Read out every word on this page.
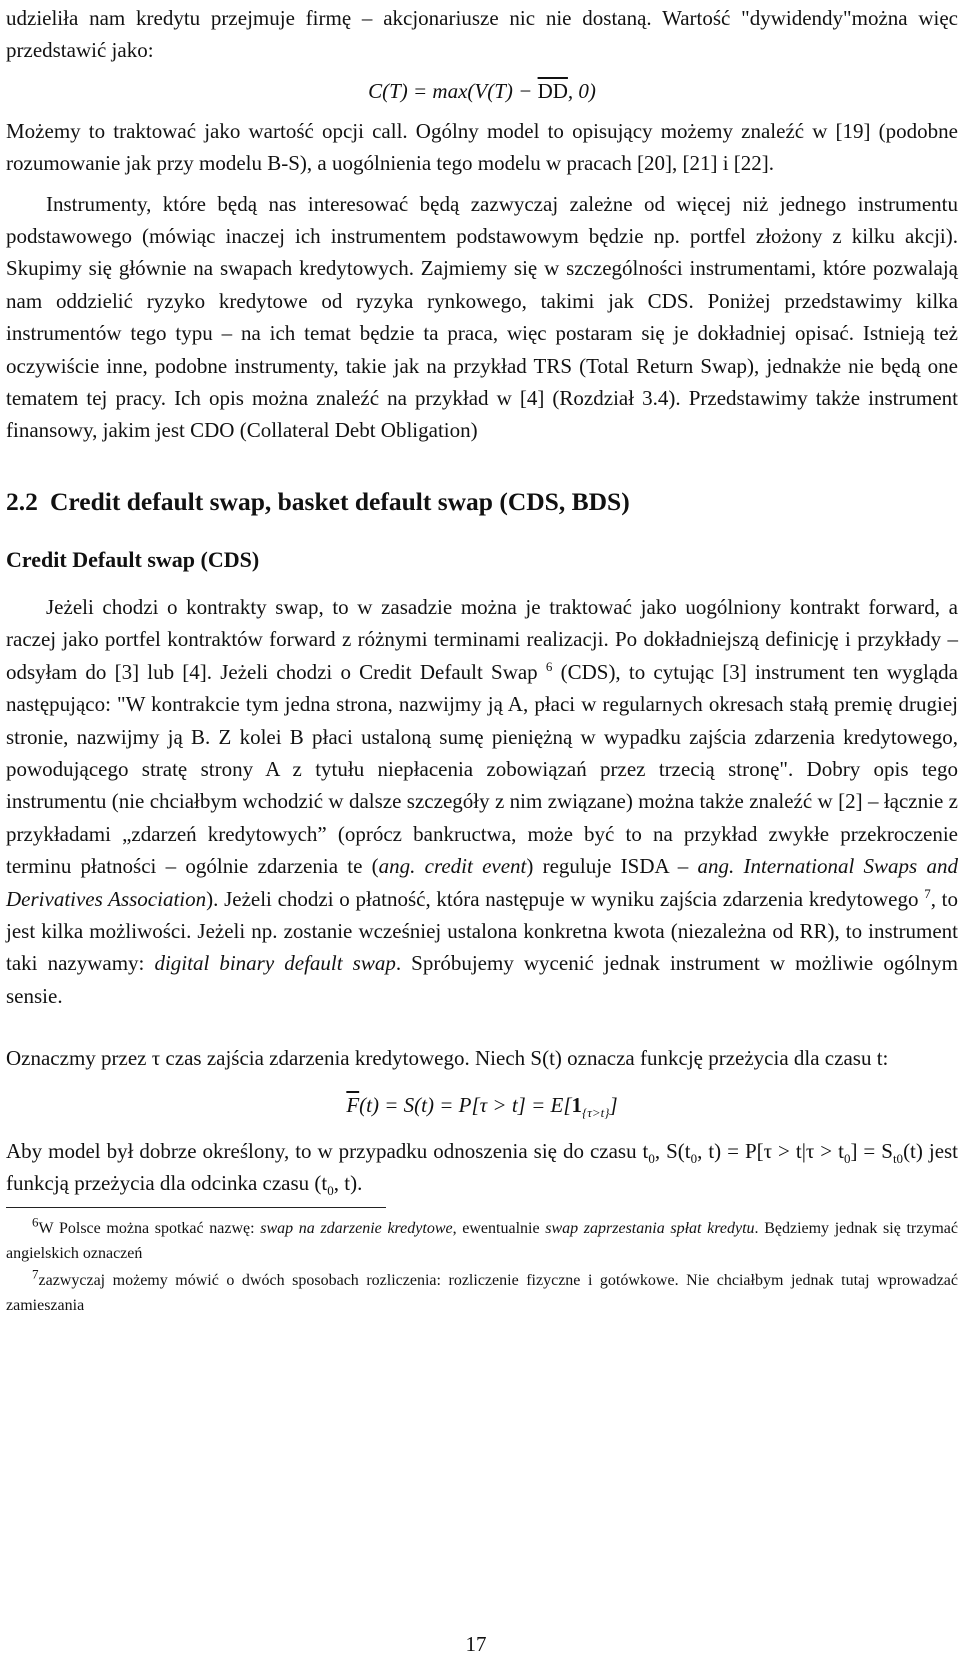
udzieliła nam kredytu przejmuje firmę – akcjonariusze nic nie dostaną. Wartość "dywidendy"można więc przedstawić jako:

$C(T) = \max(V(T) - \overline{DD}$, 0)

Możemy to traktować jako wartość opcji call. Ogólny model to opisujący możemy znaleźć w [19] (podobne rozumowanie jak przy modelu B-S), a uogólnienia tego modelu w pracach [20], [21] i [22].

Instrumenty, które będą nas interesować będą zazwyczaj zależne od więcej niż jednego instrumentu podstawowego (mówiąc inaczej ich instrumentem podstawowym będzie np. portfel złożony z kilku akcji). Skupimy się głównie na swapach kredytowych. Zajmiemy się w szczególności instrumentami, które pozwalają nam oddzielić ryzyko kredytowe od ryzyka rynkowego, takimi jak CDS. Poniżej przedstawimy kilka instrumentów tego typu – na ich temat będzie ta praca, więc postaram się je dokładniej opisać. Istnieją też oczywiście inne, podobne instrumenty, takie jak na przykład TRS (Total Return Swap), jednakże nie będą one tematem tej pracy. Ich opis można znaleźć na przykład w [4] (Rozdział 3.4). Przedstawimy także instrument finansowy, jakim jest CDO (Collateral Debt Obligation)

2.2 Credit default swap, basket default swap (CDS, BDS)
Credit Default swap (CDS)

Jeżeli chodzi o kontrakty swap, to w zasadzie można je traktować jako uogólniony kontrakt forward, a raczej jako portfel kontraktów forward z różnymi terminami realizacji. Po dokładniejszą definicję i przykłady – odsyłam do [3] lub [4]. Jeżeli chodzi o Credit Default Swap $^6$ (CDS), to cytując [3] instrument ten wygląda następująco: "W kontrakcie tym jedna strona, nazwijmy ją A, płaci w regularnych okresach stałą premię drugiej stronie, nazwijmy ją B. Z kolei B płaci ustaloną sumę pieniężną w wypadku zajścia zdarzenia kredytowego, powodującego stratę strony A z tytułu niepłacenia zobowiązań przez trzecią stronę". Dobry opis tego instrumentu (nie chciałbym wchodzić w dalsze szczegóły z nim związane) można także znaleźć w [2] – łącznie z przykładami „zdarzeń kredytowych” (oprócz bankructwa, może być to na przykład zwykłe przekroczenie terminu płatności – ogólnie zdarzenia te (ang. credit event) reguluje ISDA – ang. International Swaps and Derivatives Association). Jeżeli chodzi o płatność, która następuje w wyniku zajścia zdarzenia kredytowego $^7$, to jest kilka możliwości. Jeżeli np. zostanie wcześniej ustalona konkretna kwota (niezależna od RR), to instrument taki nazywamy: digital binary default swap. Spróbujemy wycenić jednak instrument w możliwie ogólnym sensie.

Oznaczmy przez τ czas zajścia zdarzenia kredytowego. Niech S(t) oznacza funkcję przeżycia dla czasu t:

$\overline{F}(t) = S(t) = P[\tau > t] = E[1_{\{\tau>t\}}]$

Aby model był dobrze określony, to w przypadku odnoszenia się do czasu $t_0$, $S(t_0$, $t) = P[\tau > t|\tau > t_0] = S_{t0}(t)$ jest funkcją przeżycia dla odcinka czasu ($t_0$, t).

$^6$W Polsce można spotkać nazwę: swap na zdarzenie kredytowe, ewentualnie swap zaprzestania spłat kredytu. Będziemy jednak się trzymać angielskich oznaczeń

$^7$zazwyczaj możemy mówić o dwóch sposobach rozliczenia: rozliczenie fizyczne i gotówkowe. Nie chciałbym jednak tutaj wprowadzać zamieszania

17
